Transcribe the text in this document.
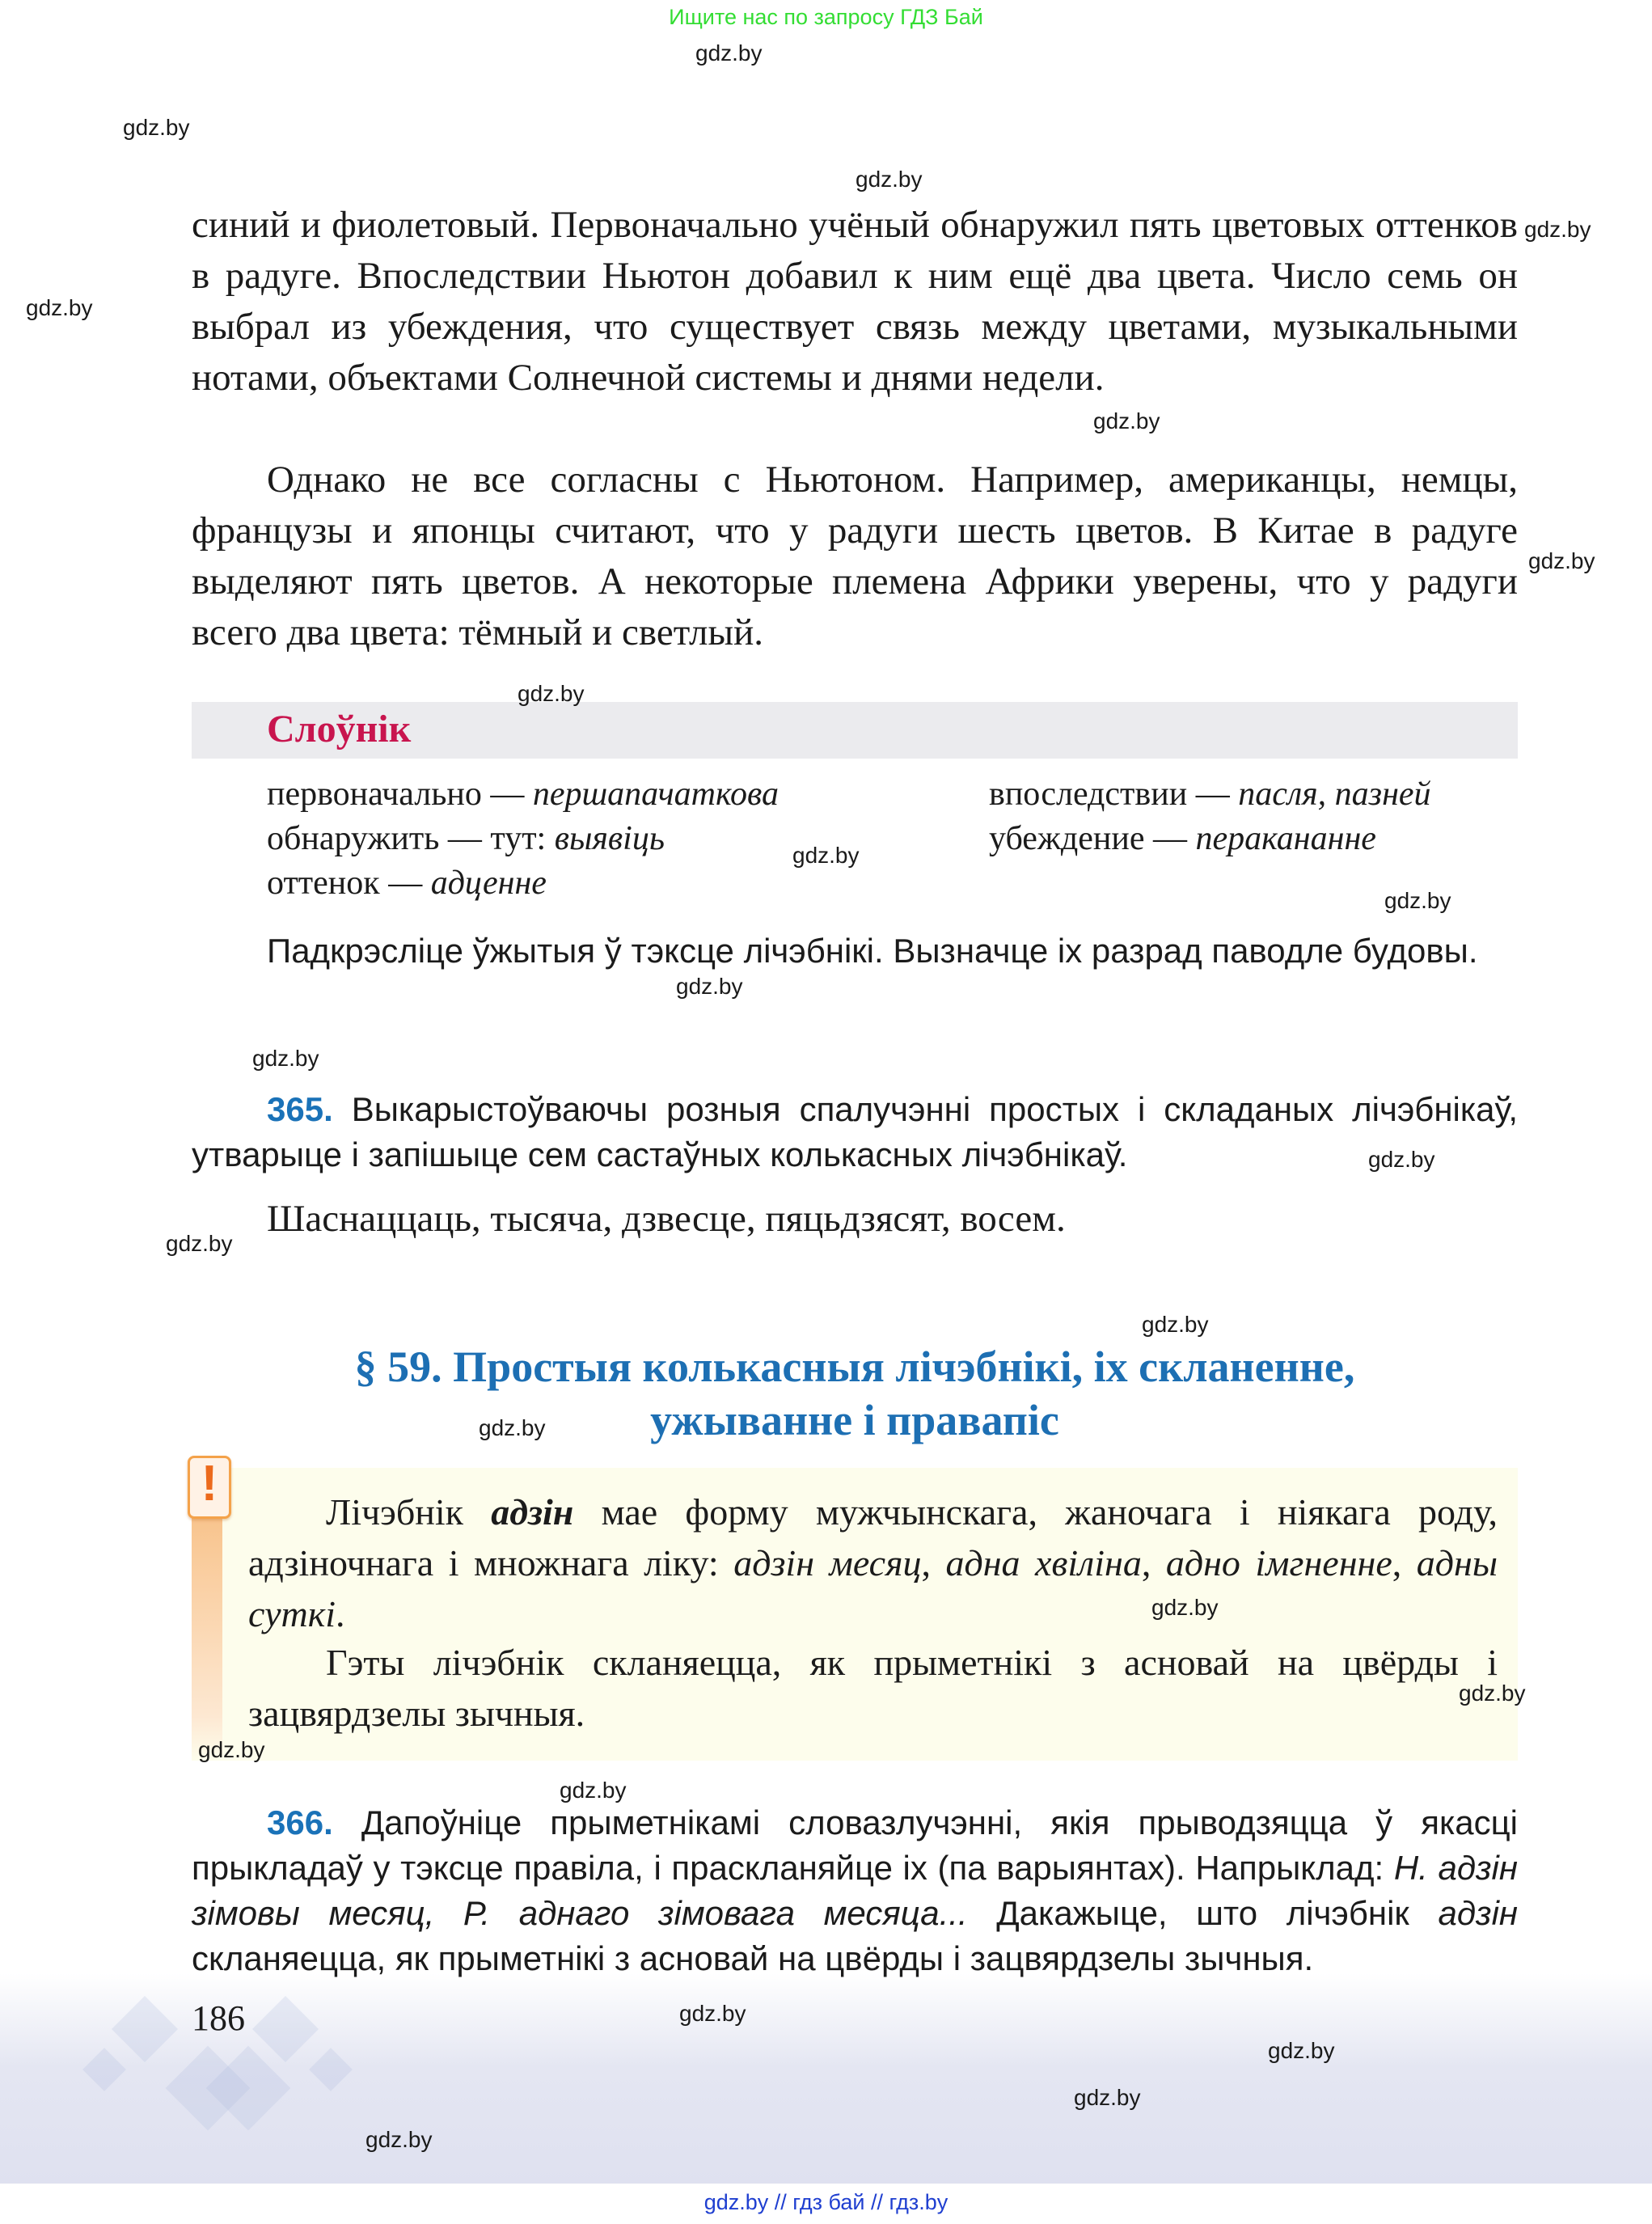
Ищите нас по запросу ГДЗ Бай
синий и фиолетовый. Первоначально учёный обнаружил пять цветовых оттенков в радуге. Впоследствии Ньютон добавил к ним ещё два цвета. Число семь он выбрал из убеждения, что существует связь между цветами, музыкальными нотами, объектами Солнечной системы и днями недели.
Однако не все согласны с Ньютоном. Например, американцы, немцы, французы и японцы считают, что у радуги шесть цветов. В Китае в радуге выделяют пять цветов. А некоторые племена Африки уверены, что у радуги всего два цвета: тёмный и светлый.
Слоўнік
первоначально — першапачаткова
обнаружить — тут: выявіць
оттенок — адценне
впоследствии — пасля, пазней
убеждение — перакананне
Падкрэсліце ўжытыя ў тэксце лічэбнікі. Вызначце іх разрад паводле будовы.
365. Выкарыстоўваючы розныя спалучэнні простых і складаных лічэбнікаў, утварыце і запішыце сем састаўных колькасных лічэбнікаў.
Шаснаццаць, тысяча, дзвесце, пяцьдзясят, восем.
§ 59. Простыя колькасныя лічэбнікі, іх скланенне,
ужыванне і правапіс
!
Лічэбнік адзін мае форму мужчынскага, жаночага і ніякага роду, адзіночнага і множнага ліку: адзін месяц, адна хвіліна, адно імгненне, адны суткі.
Гэты лічэбнік скланяецца, як прыметнікі з асновай на цвёрды і зацвярдзелы зычныя.
366. Дапоўніце прыметнікамі словазлучэнні, якія прыводзяцца ў якасці прыкладаў у тэксце правіла, і праскланяйце іх (па варыянтах). Напрыклад: Н. адзін зімовы месяц, Р. аднаго зімовага месяца... Дакажыце, што лічэбнік адзін скланяецца, як прыметнікі з асновай на цвёрды і зацвярдзелы зычныя.
186
gdz.by
gdz.by
gdz.by
gdz.by
gdz.by
gdz.by
gdz.by
gdz.by
gdz.by
gdz.by
gdz.by
gdz.by
gdz.by
gdz.by
gdz.by
gdz.by
gdz.by
gdz.by
gdz.by
gdz.by
gdz.by
gdz.by
gdz.by
gdz.by
gdz.by // гдз бай // гдз.by
